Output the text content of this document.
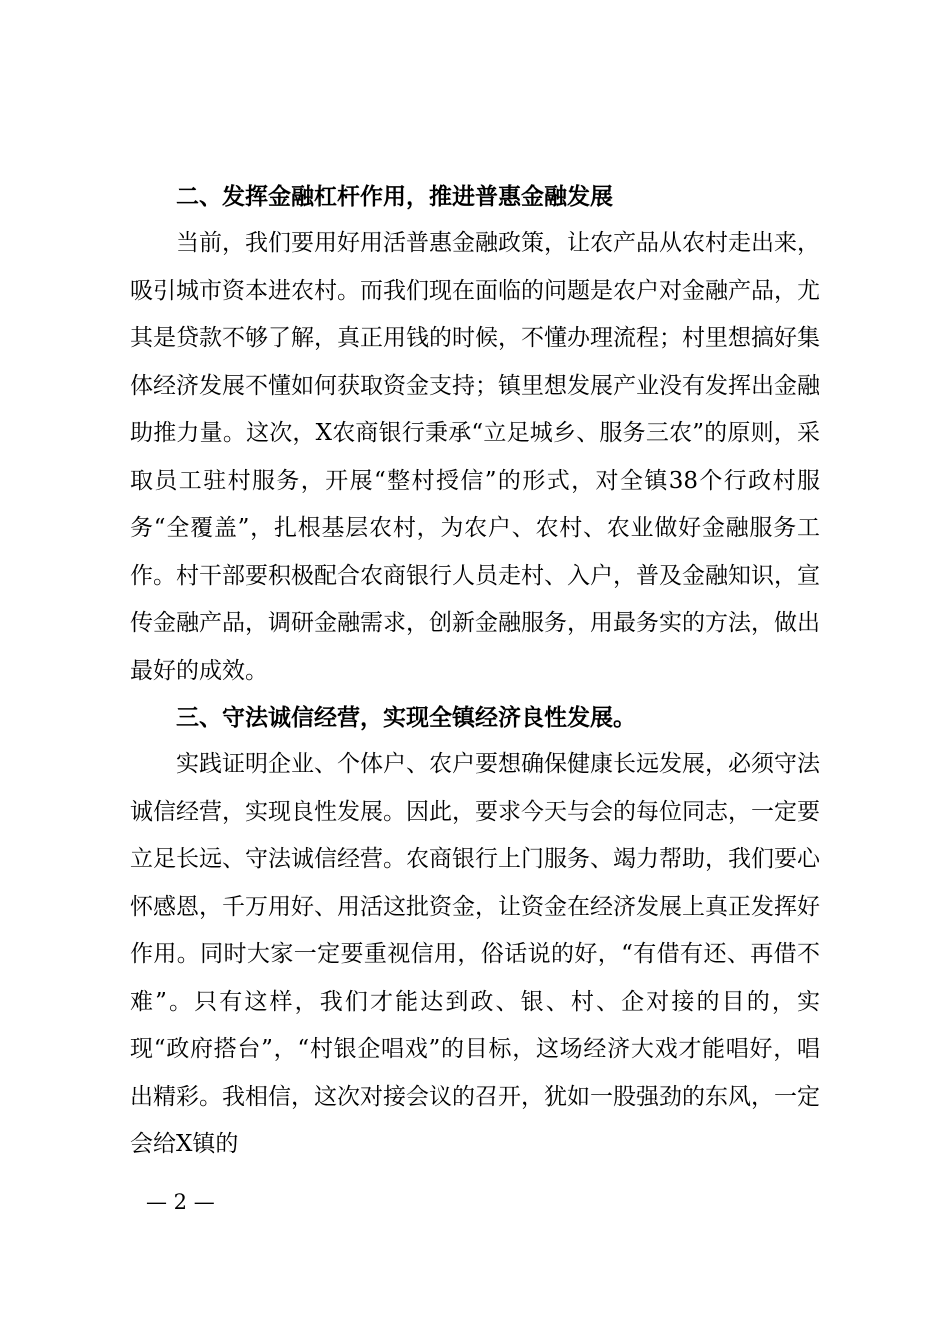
二、发挥金融杠杆作用，推进普惠金融发展

当前，我们要用好用活普惠金融政策，让农产品从农村走出来，吸引城市资本进农村。而我们现在面临的问题是农户对金融产品，尤其是贷款不够了解，真正用钱的时候，不懂办理流程；村里想搞好集体经济发展不懂如何获取资金支持；镇里想发展产业没有发挥出金融助推力量。这次，X农商银行秉承“立足城乡、服务三农”的原则，采取员工驻村服务，开展“整村授信”的形式，对全镇38个行政村服务“全覆盖”，扎根基层农村，为农户、农村、农业做好金融服务工作。村干部要积极配合农商银行人员走村、入户，普及金融知识，宣传金融产品，调研金融需求，创新金融服务，用最务实的方法，做出最好的成效。

三、守法诚信经营，实现全镇经济良性发展。

实践证明企业、个体户、农户要想确保健康长远发展，必须守法诚信经营，实现良性发展。因此，要求今天与会的每位同志，一定要立足长远、守法诚信经营。农商银行上门服务、竭力帮助，我们要心怀感恩，千万用好、用活这批资金，让资金在经济发展上真正发挥好作用。同时大家一定要重视信用，俗话说的好，“有借有还、再借不难”。只有这样，我们才能达到政、银、村、企对接的目的，实现“政府搭台”，“村银企唱戏”的目标，这场经济大戏才能唱好，唱出精彩。我相信，这次对接会议的召开，犹如一股强劲的东风，一定会给X镇的

— 2 —
